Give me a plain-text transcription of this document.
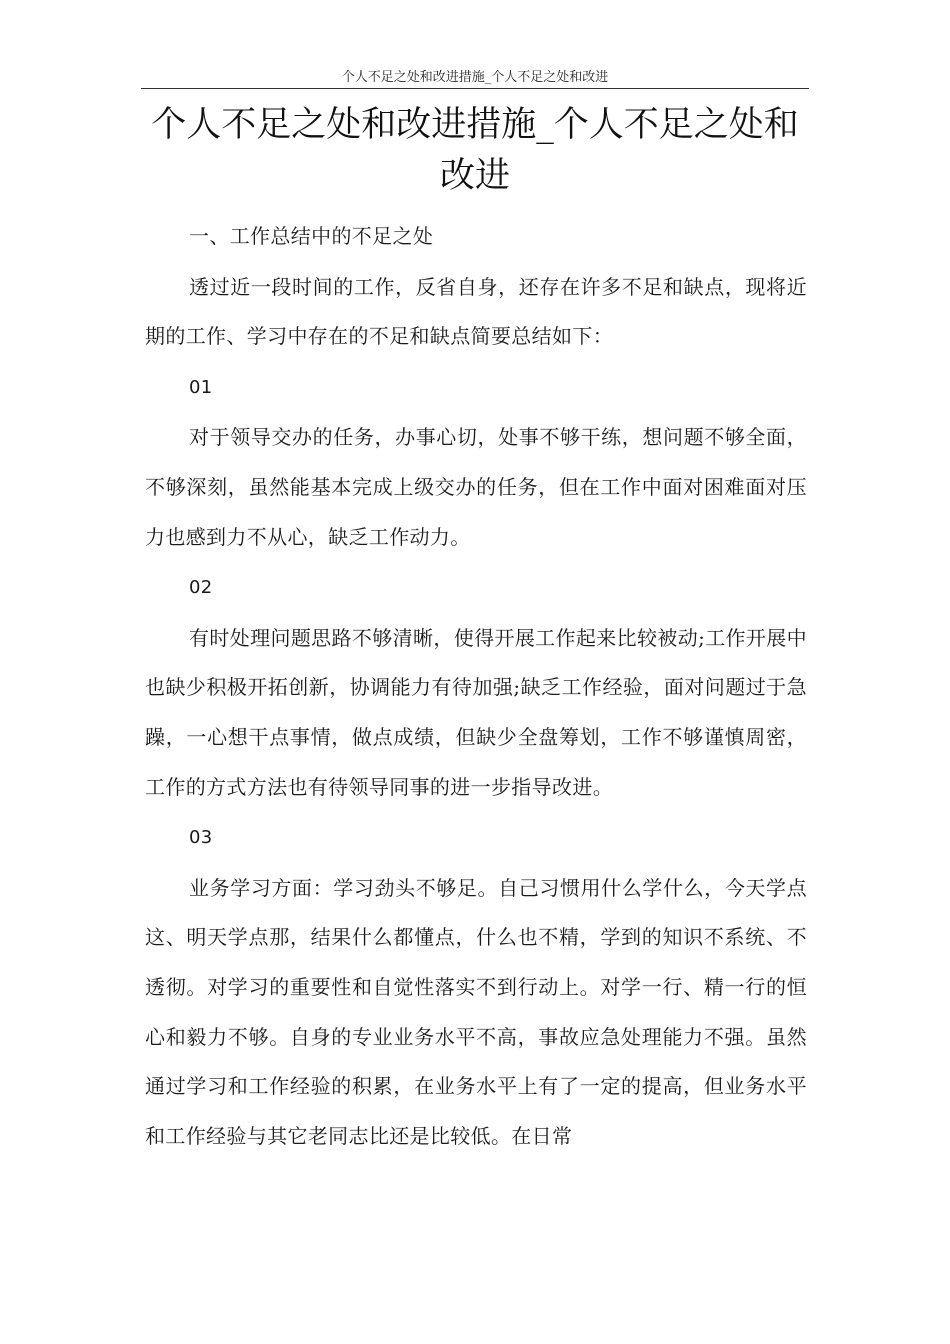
个人不足之处和改进措施_个人不足之处和改进
个人不足之处和改进措施_个人不足之处和改进

一、工作总结中的不足之处

透过近一段时间的工作，反省自身，还存在许多不足和缺点，现将近期的工作、学习中存在的不足和缺点简要总结如下：

01

对于领导交办的任务，办事心切，处事不够干练，想问题不够全面，不够深刻，虽然能基本完成上级交办的任务，但在工作中面对困难面对压力也感到力不从心，缺乏工作动力。

02

有时处理问题思路不够清晰，使得开展工作起来比较被动;工作开展中也缺少积极开拓创新，协调能力有待加强;缺乏工作经验，面对问题过于急躁，一心想干点事情，做点成绩，但缺少全盘筹划，工作不够谨慎周密，工作的方式方法也有待领导同事的进一步指导改进。

03

业务学习方面：学习劲头不够足。自己习惯用什么学什么，今天学点这、明天学点那，结果什么都懂点，什么也不精，学到的知识不系统、不透彻。对学习的重要性和自觉性落实不到行动上。对学一行、精一行的恒心和毅力不够。自身的专业业务水平不高，事故应急处理能力不强。虽然通过学习和工作经验的积累，在业务水平上有了一定的提高，但业务水平和工作经验与其它老同志比还是比较低。在日常
